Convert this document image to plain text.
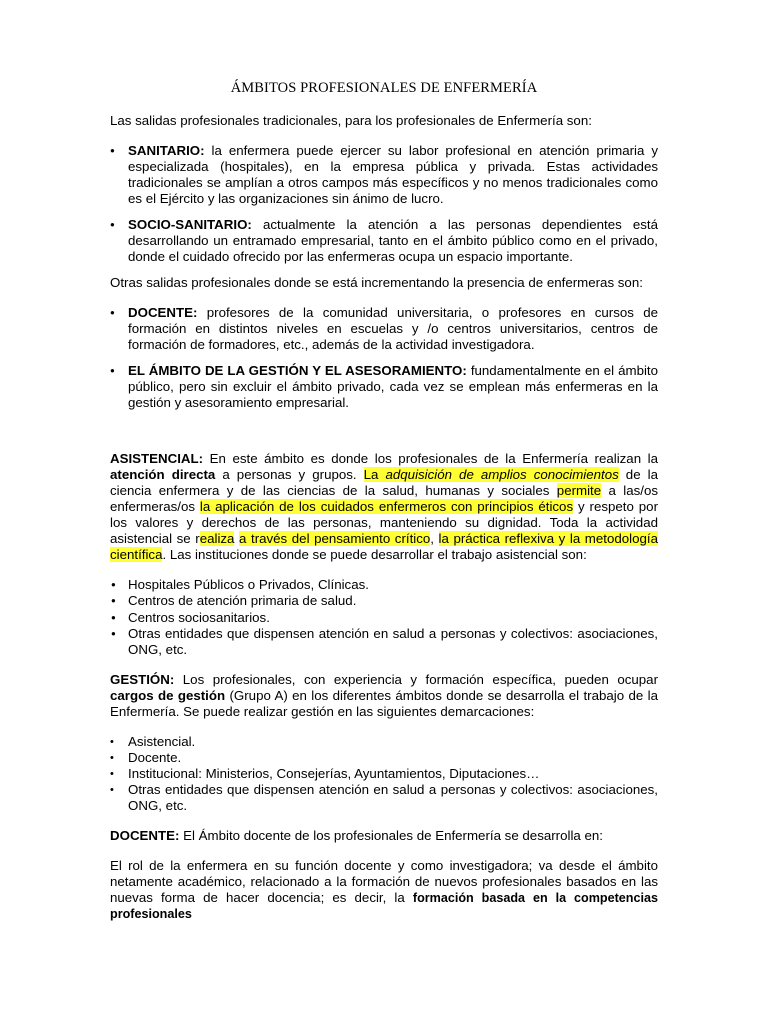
ÁMBITOS PROFESIONALES DE ENFERMERÍA

Las salidas profesionales tradicionales, para los profesionales de Enfermería son:

● SANITARIO: la enfermera puede ejercer su labor profesional en atención primaria y especializada (hospitales), en la empresa pública y privada. Estas actividades tradicionales se amplían a otros campos más específicos y no menos tradicionales como es el Ejército y las organizaciones sin ánimo de lucro.
● SOCIO-SANITARIO: actualmente la atención a las personas dependientes está desarrollando un entramado empresarial, tanto en el ámbito público como en el privado, donde el cuidado ofrecido por las enfermeras ocupa un espacio importante.

Otras salidas profesionales donde se está incrementando la presencia de enfermeras son:

● DOCENTE: profesores de la comunidad universitaria, o profesores en cursos de formación en distintos niveles en escuelas y /o centros universitarios, centros de formación de formadores, etc., además de la actividad investigadora.
● EL ÁMBITO DE LA GESTIÓN Y EL ASESORAMIENTO: fundamentalmente en el ámbito público, pero sin excluir el ámbito privado, cada vez se emplean más enfermeras en la gestión y asesoramiento empresarial.

ASISTENCIAL: En este ámbito es donde los profesionales de la Enfermería realizan la atención directa a personas y grupos. La adquisición de amplios conocimientos de la ciencia enfermera y de las ciencias de la salud, humanas y sociales permite a las/os enfermeras/os la aplicación de los cuidados enfermeros con principios éticos y respeto por los valores y derechos de las personas, manteniendo su dignidad. Toda la actividad asistencial se realiza a través del pensamiento crítico, la práctica reflexiva y la metodología científica. Las instituciones donde se puede desarrollar el trabajo asistencial son:

● Hospitales Públicos o Privados, Clínicas.
● Centros de atención primaria de salud.
● Centros sociosanitarios.
● Otras entidades que dispensen atención en salud a personas y colectivos: asociaciones, ONG, etc.

GESTIÓN: Los profesionales, con experiencia y formación específica, pueden ocupar cargos de gestión (Grupo A) en los diferentes ámbitos donde se desarrolla el trabajo de la Enfermería. Se puede realizar gestión en las siguientes demarcaciones:

• Asistencial.
• Docente.
• Institucional: Ministerios, Consejerías, Ayuntamientos, Diputaciones…
• Otras entidades que dispensen atención en salud a personas y colectivos: asociaciones, ONG, etc.

DOCENTE: El Ámbito docente de los profesionales de Enfermería se desarrolla en:

El rol de la enfermera en su función docente y como investigadora; va desde el ámbito netamente académico, relacionado a la formación de nuevos profesionales basados en las nuevas forma de hacer docencia; es decir, la formación basada en la competencias profesionales
